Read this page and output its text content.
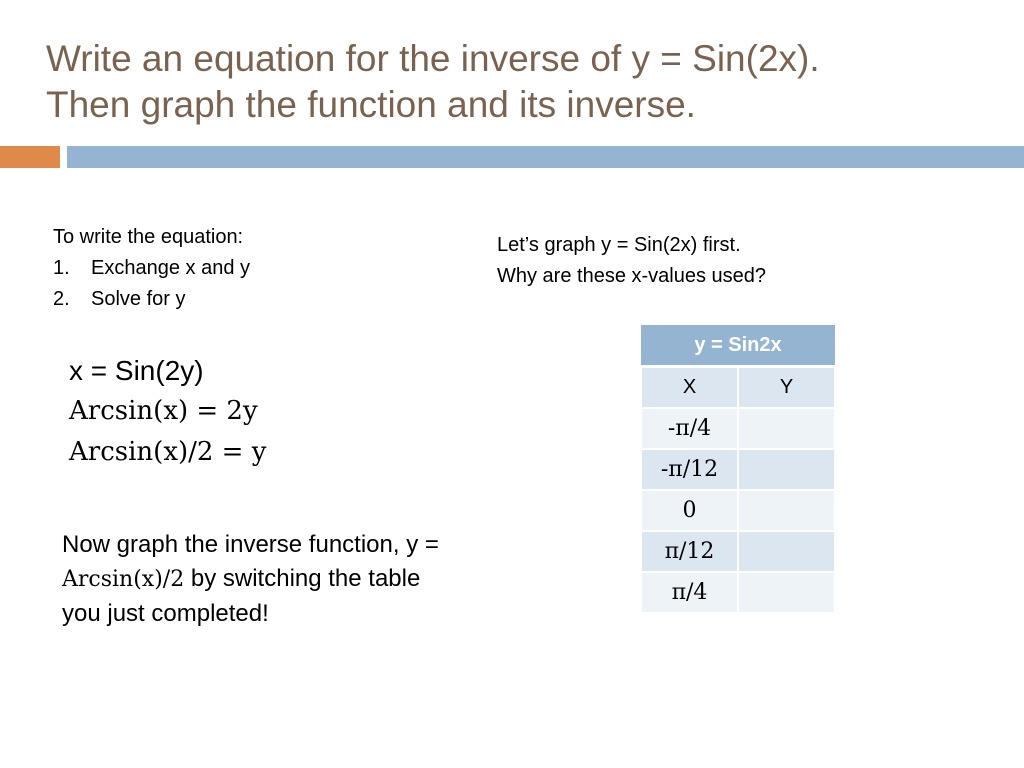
Write an equation for the inverse of y = Sin(2x).
Then graph the function and its inverse.
To write the equation:
1.	Exchange x and y
2.	Solve for y
x = Sin(2y)
Arcsin(x) = 2y
Arcsin(x)/2 = y
Now graph the inverse function, y = Arcsin(x)/2 by switching the table you just completed!
Let’s graph y = Sin(2x) first.
Why are these x-values used?
y = Sin2x	
X	Y
-π/4	
-π/12	
0	
π/12	
π/4	
